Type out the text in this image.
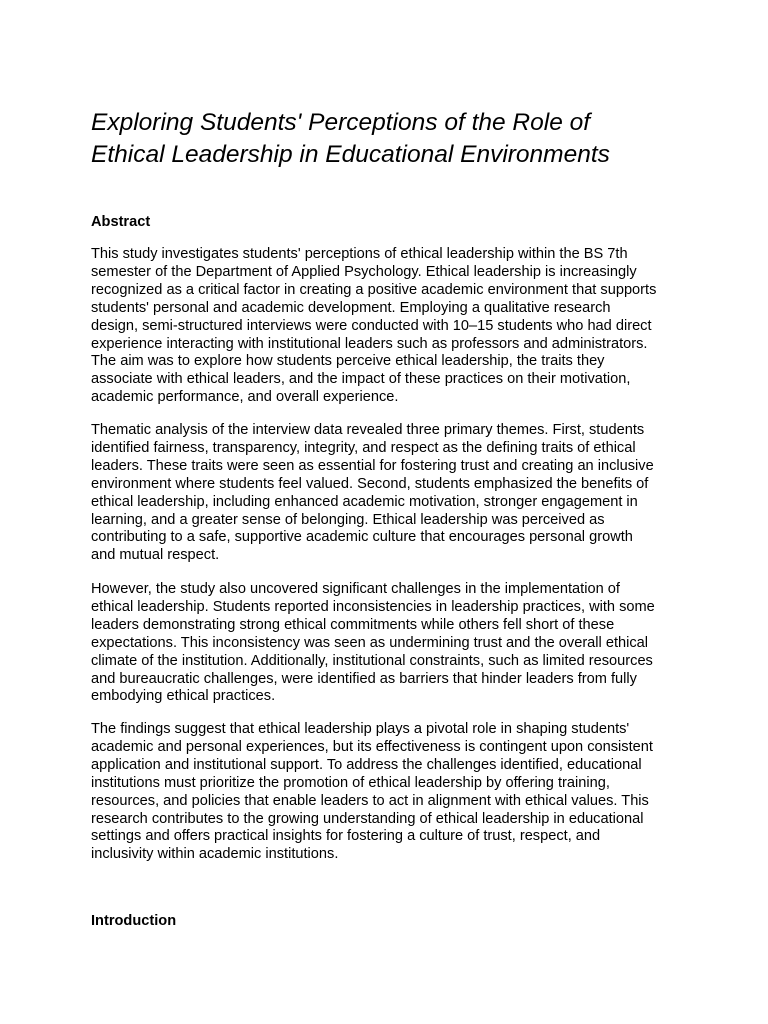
Exploring Students' Perceptions of the Role of
Ethical Leadership in Educational Environments
Abstract

This study investigates students' perceptions of ethical leadership within the BS 7th
semester of the Department of Applied Psychology. Ethical leadership is increasingly
recognized as a critical factor in creating a positive academic environment that supports
students' personal and academic development. Employing a qualitative research
design, semi-structured interviews were conducted with 10–15 students who had direct
experience interacting with institutional leaders such as professors and administrators.
The aim was to explore how students perceive ethical leadership, the traits they
associate with ethical leaders, and the impact of these practices on their motivation,
academic performance, and overall experience.

Thematic analysis of the interview data revealed three primary themes. First, students
identified fairness, transparency, integrity, and respect as the defining traits of ethical
leaders. These traits were seen as essential for fostering trust and creating an inclusive
environment where students feel valued. Second, students emphasized the benefits of
ethical leadership, including enhanced academic motivation, stronger engagement in
learning, and a greater sense of belonging. Ethical leadership was perceived as
contributing to a safe, supportive academic culture that encourages personal growth
and mutual respect.

However, the study also uncovered significant challenges in the implementation of
ethical leadership. Students reported inconsistencies in leadership practices, with some
leaders demonstrating strong ethical commitments while others fell short of these
expectations. This inconsistency was seen as undermining trust and the overall ethical
climate of the institution. Additionally, institutional constraints, such as limited resources
and bureaucratic challenges, were identified as barriers that hinder leaders from fully
embodying ethical practices.

The findings suggest that ethical leadership plays a pivotal role in shaping students'
academic and personal experiences, but its effectiveness is contingent upon consistent
application and institutional support. To address the challenges identified, educational
institutions must prioritize the promotion of ethical leadership by offering training,
resources, and policies that enable leaders to act in alignment with ethical values. This
research contributes to the growing understanding of ethical leadership in educational
settings and offers practical insights for fostering a culture of trust, respect, and
inclusivity within academic institutions.

Introduction
